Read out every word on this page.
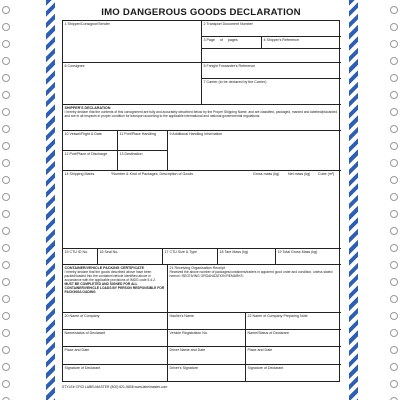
IMO DANGEROUS GOODS DECLARATION
1 Shipper/Consignor/Sender	2 Transport Document Number
3 Page of pages	4 Shipper's Reference
6 Consignee	5 Freight Forwarder's Reference
7 Carrier (to be declared by the Carrier)
SHIPPER'S DECLARATION
I hereby declare that the contents of this consignment are fully and accurately described below by the Proper Shipping Name, and are classified, packaged, marked and labelled/placarded and are in all respects in proper condition for transport according to the applicable international and national governmental regulations.
10 Vessel/Flight & Date	11 Port/Place Handling	9 Additional Handling Information
12 Port/Place of Discharge	13 Destination
14 Shipping Marks	*Number & Kind of Packages, Description of Goods	Gross mass (kg) Net mass (kg) Cube (m³)
15 CTU ID No.	16 Seal No.	17 CTU Size & Type	18 Tare Mass (kg)	19 Total Gross Mass (kg)
CONTAINER/VEHICLE PACKING CERTIFICATE
I hereby declare that the goods described above have been packed/loaded into the container/vehicle identified above in accordance with the applicable provisions of IMDG code 5.4.2.
MUST BE COMPLETED AND SIGNED FOR ALL CONTAINER/VEHICLE LOADS BY PERSON RESPONSIBLE FOR PACKING/LOADING
21 Receiving Organisation Receipt
Received the above number of packages/containers/trailers in apparent good order and condition, unless stated hereon: RECEIVING ORGANIZATION REMARKS:
20 Name of Company	Haulier's Name	22 Name of Company Preparing Note
Name/status of Declarant	Vehicle Registration No.	Name/Status of Declarant
Place and Date	Driver Name and Date	Place and Date
Signature of Declarant	Driver's Signature	Signature of Declarant
STYLE# CF03 LABELMASTER (800) 621-5808 www.labelmaster.com
